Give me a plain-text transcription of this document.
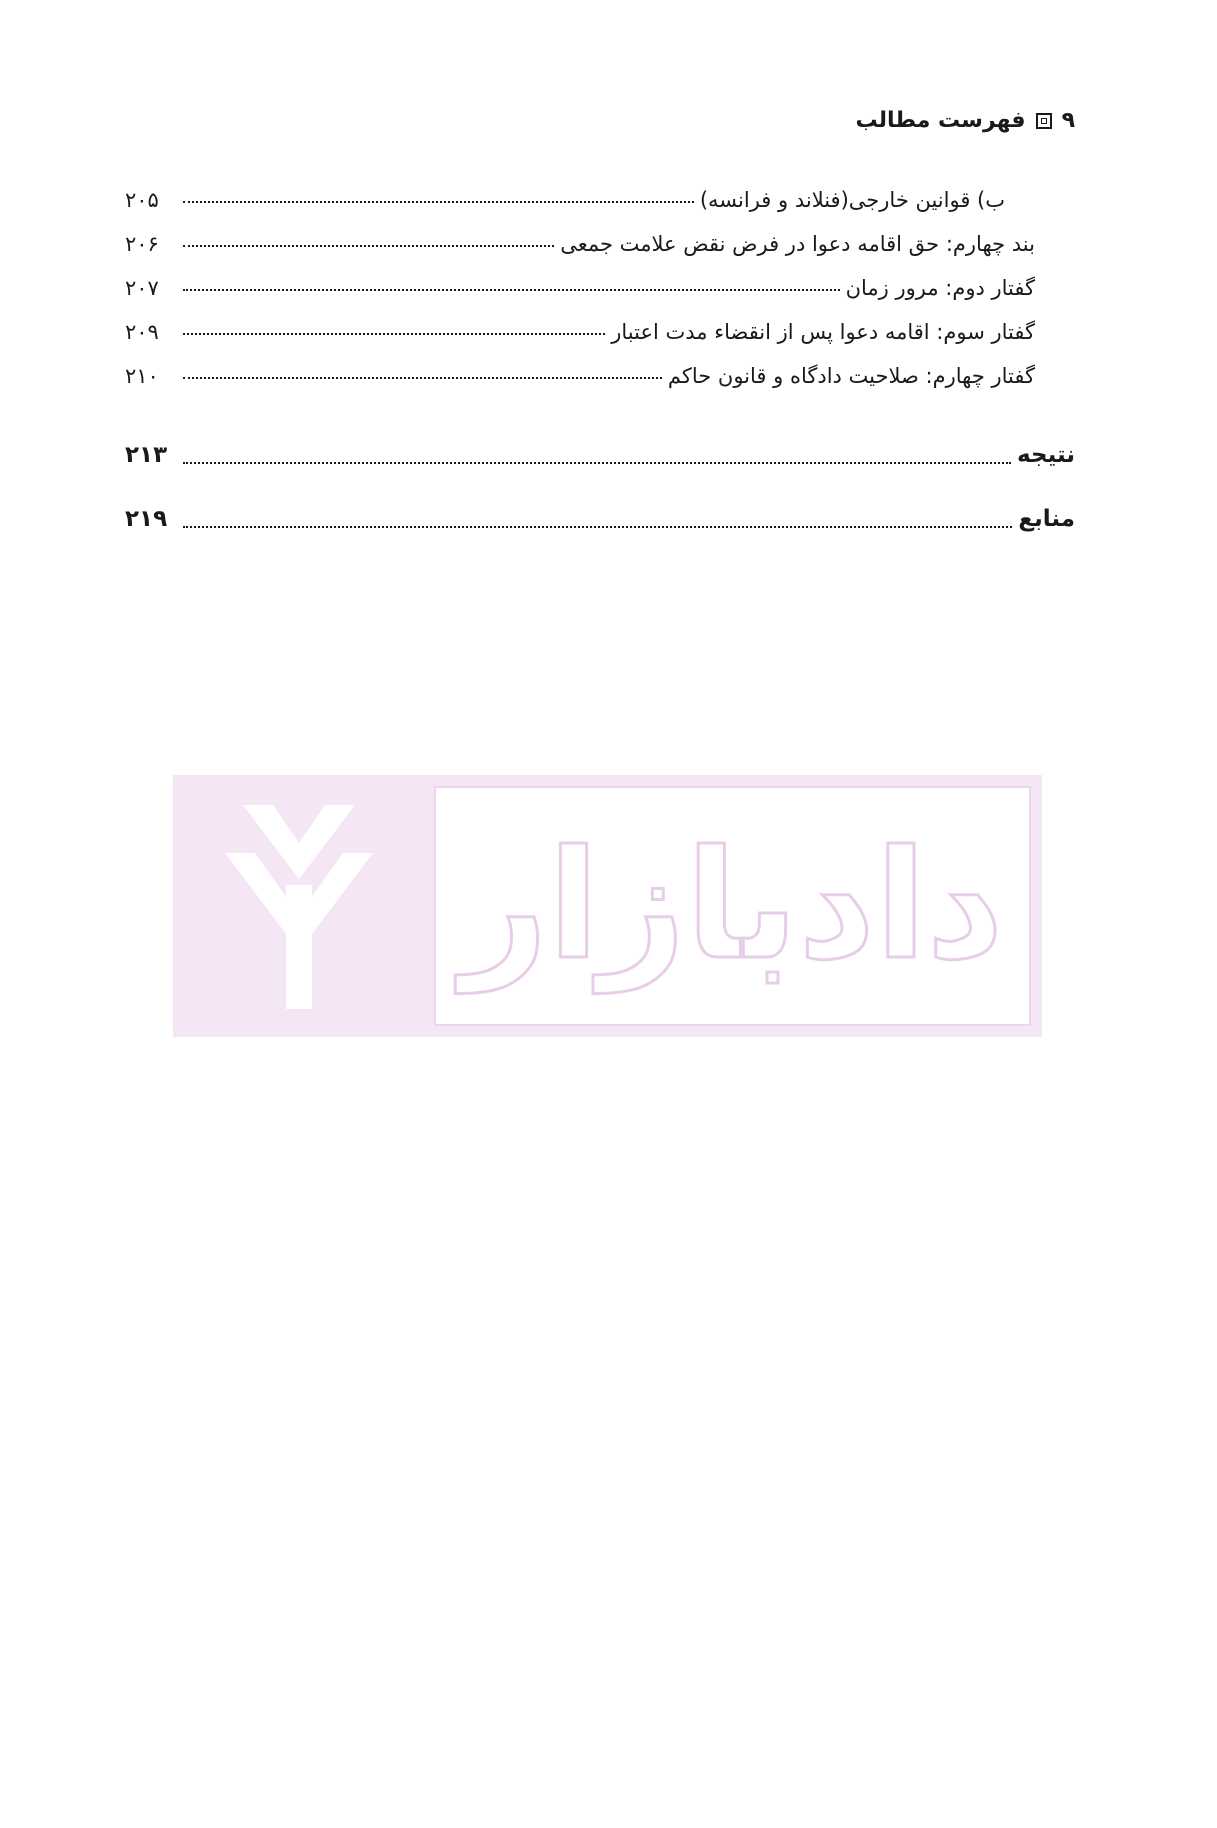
فهرست مطالب ۹
ب) قوانین خارجی(فنلاند و فرانسه)
۲۰۵
بند چهارم: حق اقامه دعوا در فرض نقض علامت جمعی
۲۰۶
گفتار دوم: مرور زمان
۲۰۷
گفتار سوم: اقامه دعوا پس از انقضاء مدت اعتبار
۲۰۹
گفتار چهارم: صلاحیت دادگاه و قانون حاکم
۲۱۰
نتیجه
۲۱۳
منابع
۲۱۹
دادبازار
